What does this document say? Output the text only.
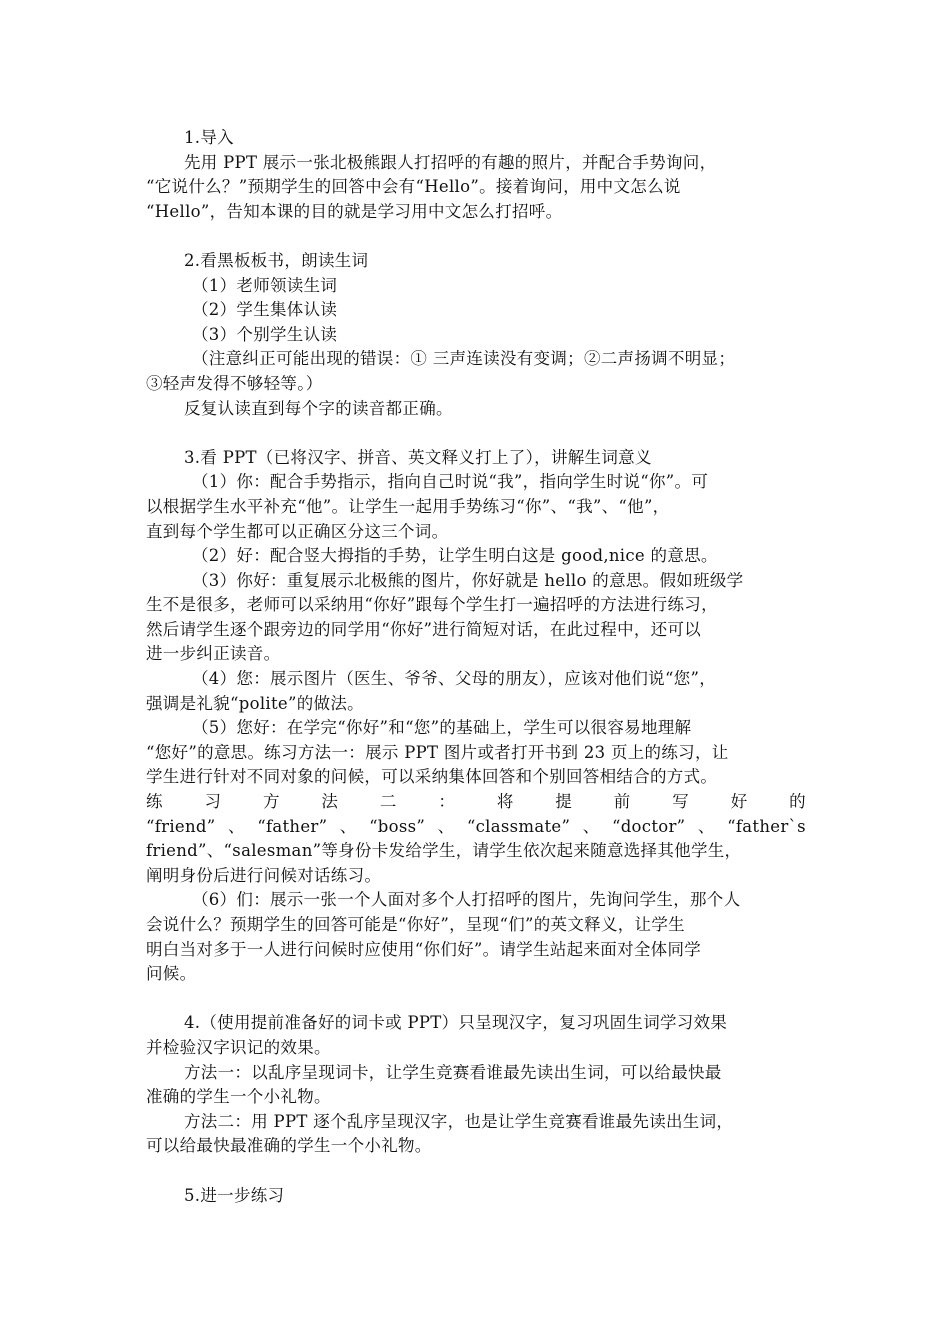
1.导入

先用 PPT 展示一张北极熊跟人打招呼的有趣的照片，并配合手势询问，

“它说什么？”预期学生的回答中会有“Hello”。接着询问，用中文怎么说

“Hello”，告知本课的目的就是学习用中文怎么打招呼。

2.看黑板板书，朗读生词

（1）老师领读生词

（2）学生集体认读

（3）个别学生认读

（注意纠正可能出现的错误：① 三声连读没有变调；②二声扬调不明显；

③轻声发得不够轻等。）

反复认读直到每个字的读音都正确。

3.看 PPT（已将汉字、拼音、英文释义打上了），讲解生词意义

（1）你：配合手势指示，指向自己时说“我”，指向学生时说“你”。可

以根据学生水平补充“他”。让学生一起用手势练习“你”、“我”、“他”，

直到每个学生都可以正确区分这三个词。

（2）好：配合竖大拇指的手势，让学生明白这是 good,nice 的意思。

（3）你好：重复展示北极熊的图片，你好就是 hello 的意思。假如班级学

生不是很多，老师可以采纳用“你好”跟每个学生打一遍招呼的方法进行练习，

然后请学生逐个跟旁边的同学用“你好”进行简短对话，在此过程中，还可以

进一步纠正读音。

（4）您：展示图片（医生、爷爷、父母的朋友），应该对他们说“您”，

强调是礼貌“polite”的做法。

（5）您好：在学完“你好”和“您”的基础上，学生可以很容易地理解

“您好”的意思。练习方法一：展示 PPT 图片或者打开书到 23 页上的练习，让

学生进行针对不同对象的问候，可以采纳集体回答和个别回答相结合的方式。

练	习	方	法	二	：	将	提	前	写	好	的

“friend” 、 “father” 、 “boss” 、 “classmate” 、 “doctor” 、 “father`s

friend”、“salesman”等身份卡发给学生，请学生依次起来随意选择其他学生，

阐明身份后进行问候对话练习。

（6）们：展示一张一个人面对多个人打招呼的图片，先询问学生，那个人

会说什么？预期学生的回答可能是“你好”，呈现“们”的英文释义，让学生

明白当对多于一人进行问候时应使用“你们好”。请学生站起来面对全体同学

问候。

4.（使用提前准备好的词卡或 PPT）只呈现汉字，复习巩固生词学习效果

并检验汉字识记的效果。

方法一：以乱序呈现词卡，让学生竞赛看谁最先读出生词，可以给最快最

准确的学生一个小礼物。

方法二：用 PPT 逐个乱序呈现汉字，也是让学生竞赛看谁最先读出生词，

可以给最快最准确的学生一个小礼物。

5.进一步练习
